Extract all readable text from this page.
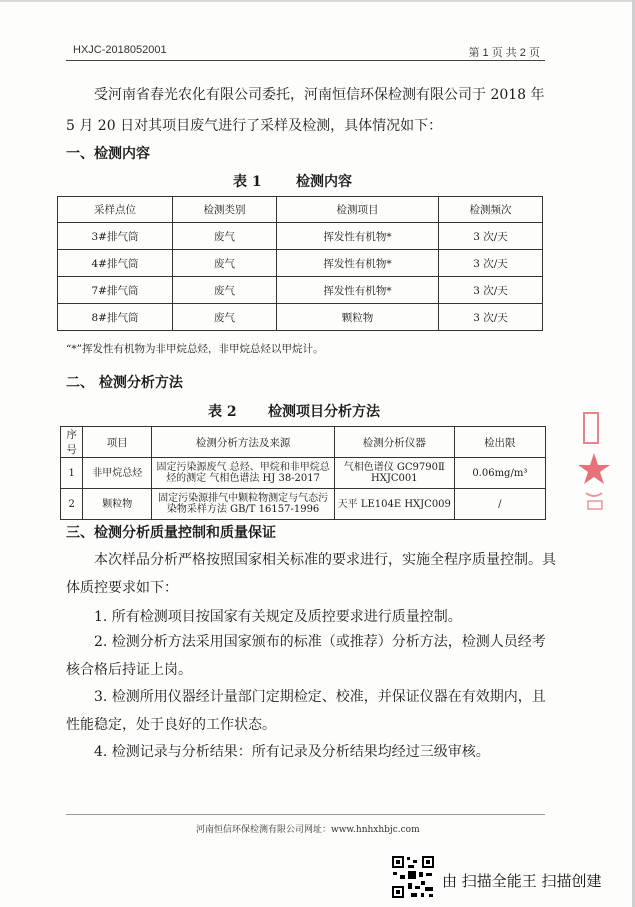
HXJC-2018052001	第 1 页 共 2 页
受河南省春光农化有限公司委托，河南恒信环保检测有限公司于 2018 年 5 月 20 日对其项目废气进行了采样及检测，具体情况如下：
一、检测内容
表 1 检测内容
采样点位	检测类别	检测项目	检测频次
3#排气筒	废气	挥发性有机物*	3 次/天
4#排气筒	废气	挥发性有机物*	3 次/天
7#排气筒	废气	挥发性有机物*	3 次/天
8#排气筒	废气	颗粒物	3 次/天
“*”挥发性有机物为非甲烷总烃，非甲烷总烃以甲烷计。
二、 检测分析方法
表 2 检测项目分析方法
序号	项目	检测分析方法及来源	检测分析仪器	检出限
1	非甲烷总烃	固定污染源废气 总烃、甲烷和非甲烷总烃的测定 气相色谱法 HJ 38-2017	气相色谱仪 GC9790Ⅱ HXJC001	0.06mg/m³
2	颗粒物	固定污染源排气中颗粒物测定与气态污染物采样方法 GB/T 16157-1996	天平 LE104E HXJC009	/
三、检测分析质量控制和质量保证
本次样品分析严格按照国家相关标准的要求进行，实施全程序质量控制。具体质控要求如下：
1. 所有检测项目按国家有关规定及质控要求进行质量控制。
2. 检测分析方法采用国家颁布的标准（或推荐）分析方法，检测人员经考核合格后持证上岗。
3. 检测所用仪器经计量部门定期检定、校准，并保证仪器在有效期内，且性能稳定，处于良好的工作状态。
4. 检测记录与分析结果：所有记录及分析结果均经过三级审核。
河南恒信环保检测有限公司网址：www.hnhxhbjc.com
由 扫描全能王 扫描创建
